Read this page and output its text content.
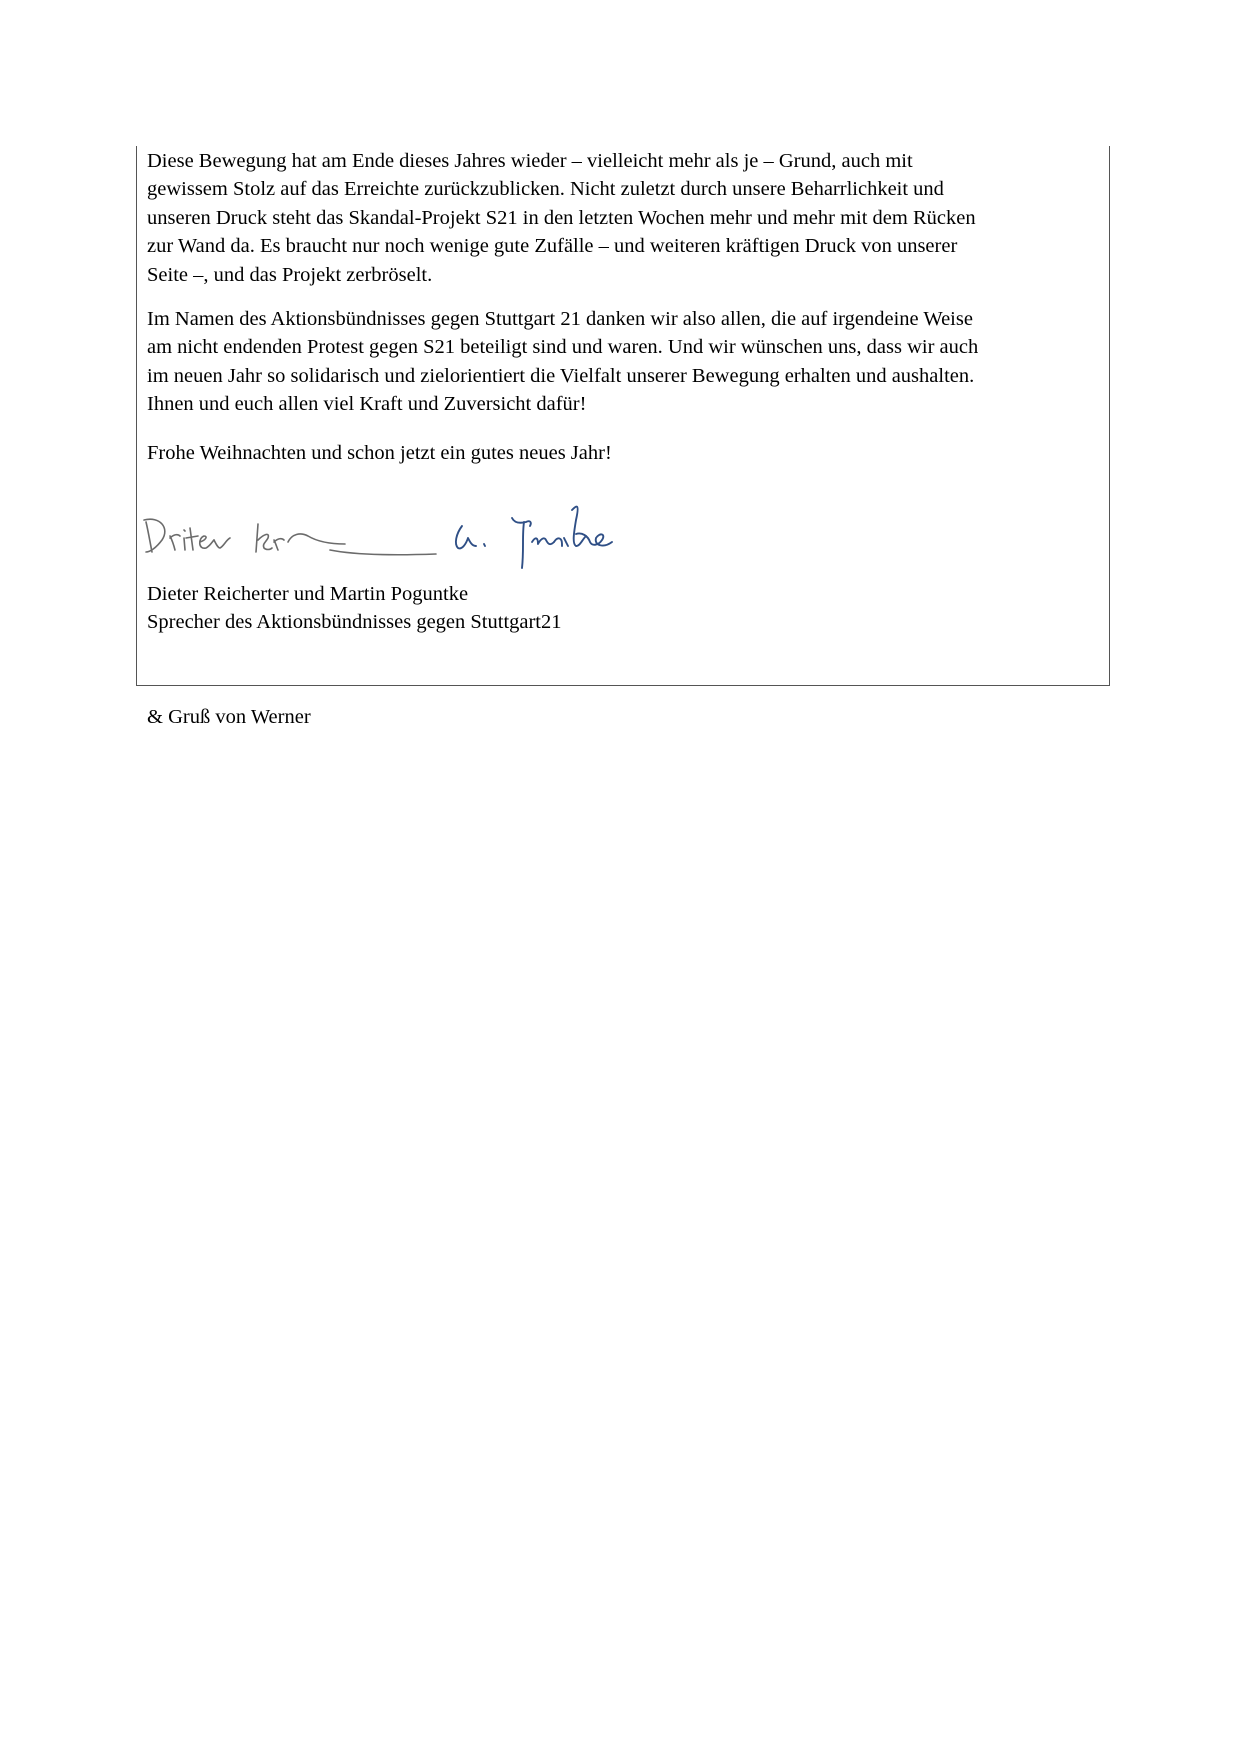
Diese Bewegung hat am Ende dieses Jahres wieder – vielleicht mehr als je – Grund, auch mit
gewissem Stolz auf das Erreichte zurückzublicken. Nicht zuletzt durch unsere Beharrlichkeit und
unseren Druck steht das Skandal-Projekt S21 in den letzten Wochen mehr und mehr mit dem Rücken
zur Wand da. Es braucht nur noch wenige gute Zufälle – und weiteren kräftigen Druck von unserer
Seite –, und das Projekt zerbröselt.

Im Namen des Aktionsbündnisses gegen Stuttgart 21 danken wir also allen, die auf irgendeine Weise
am nicht endenden Protest gegen S21 beteiligt sind und waren. Und wir wünschen uns, dass wir auch
im neuen Jahr so solidarisch und zielorientiert die Vielfalt unserer Bewegung erhalten und aushalten.
Ihnen und euch allen viel Kraft und Zuversicht dafür!

Frohe Weihnachten und schon jetzt ein gutes neues Jahr!

Dieter Reicherter und Martin Poguntke

Sprecher des Aktionsbündnisses gegen Stuttgart21

& Gruß von Werner
